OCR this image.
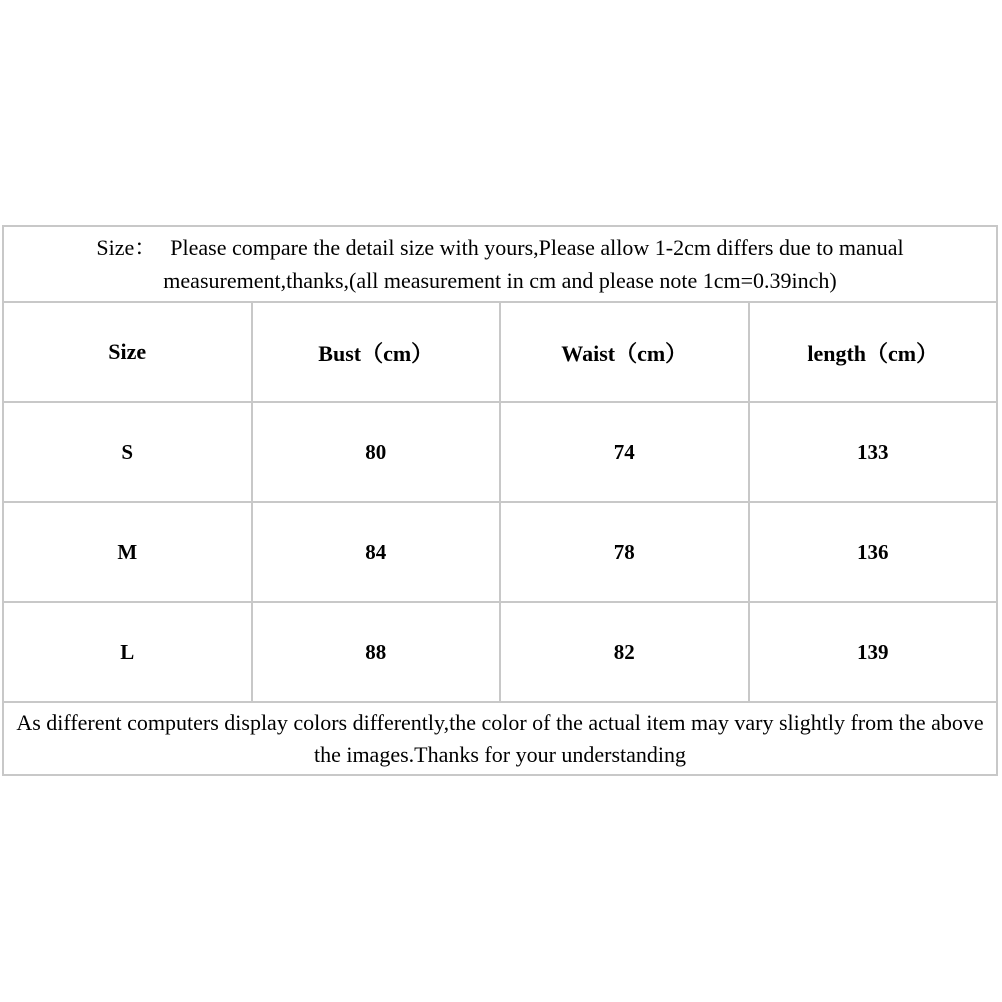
Size： Please compare the detail size with yours,Please allow 1-2cm differs due to manual
measurement,thanks,(all measurement in cm and please note 1cm=0.39inch)			

Size	Bust（cm）	Waist（cm）	length（cm）
S	80	74	133
M	84	78	136
L	88	82	139

As different computers display colors differently,the color of the actual item may vary slightly from the above
the images.Thanks for your understanding			
